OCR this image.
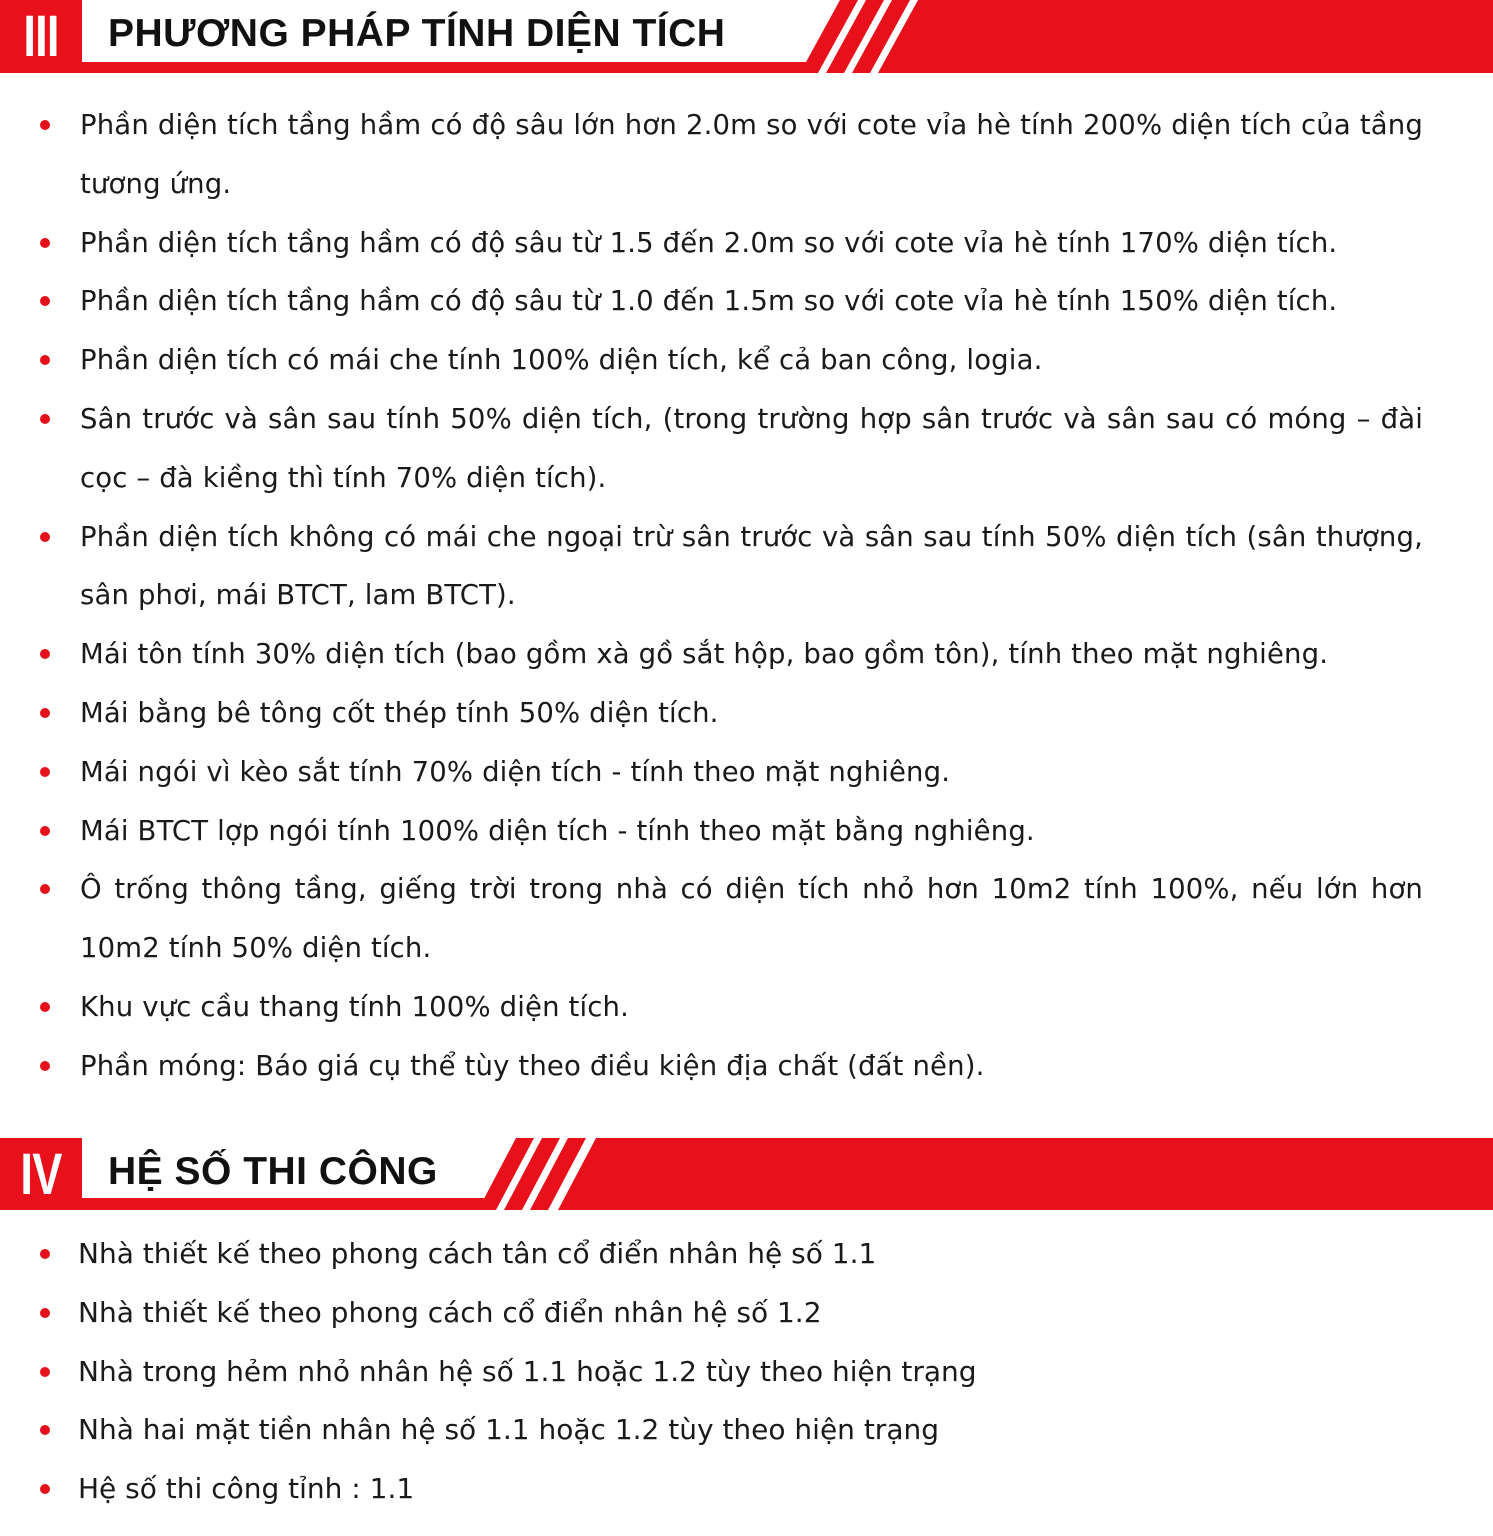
III	PHƯƠNG PHÁP TÍNH DIỆN TÍCH
Phần diện tích tầng hầm có độ sâu lớn hơn 2.0m so với cote vỉa hè tính 200% diện tích của tầng tương ứng.
Phần diện tích tầng hầm có độ sâu từ 1.5 đến 2.0m so với cote vỉa hè tính 170% diện tích.
Phần diện tích tầng hầm có độ sâu từ 1.0 đến 1.5m so với cote vỉa hè tính 150% diện tích.
Phần diện tích có mái che tính 100% diện tích, kể cả ban công, logia.
Sân trước và sân sau tính 50% diện tích, (trong trường hợp sân trước và sân sau có móng – đài cọc – đà kiềng thì tính 70% diện tích).
Phần diện tích không có mái che ngoại trừ sân trước và sân sau tính 50% diện tích (sân thượng, sân phơi, mái BTCT, lam BTCT).
Mái tôn tính 30% diện tích (bao gồm xà gồ sắt hộp, bao gồm tôn), tính theo mặt nghiêng.
Mái bằng bê tông cốt thép tính 50% diện tích.
Mái ngói vì kèo sắt tính 70% diện tích - tính theo mặt nghiêng.
Mái BTCT lợp ngói tính 100% diện tích - tính theo mặt bằng nghiêng.
Ô trống thông tầng, giếng trời trong nhà có diện tích nhỏ hơn 10m2 tính 100%, nếu lớn hơn 10m2 tính 50% diện tích.
Khu vực cầu thang tính 100% diện tích.
Phần móng: Báo giá cụ thể tùy theo điều kiện địa chất (đất nền).
IV HỆ SỐ THI CÔNG
Nhà thiết kế theo phong cách tân cổ điển nhân hệ số 1.1
Nhà thiết kế theo phong cách cổ điển nhân hệ số 1.2
Nhà trong hẻm nhỏ nhân hệ số 1.1 hoặc 1.2 tùy theo hiện trạng
Nhà hai mặt tiền nhân hệ số 1.1 hoặc 1.2 tùy theo hiện trạng
Hệ số thi công tỉnh : 1.1
